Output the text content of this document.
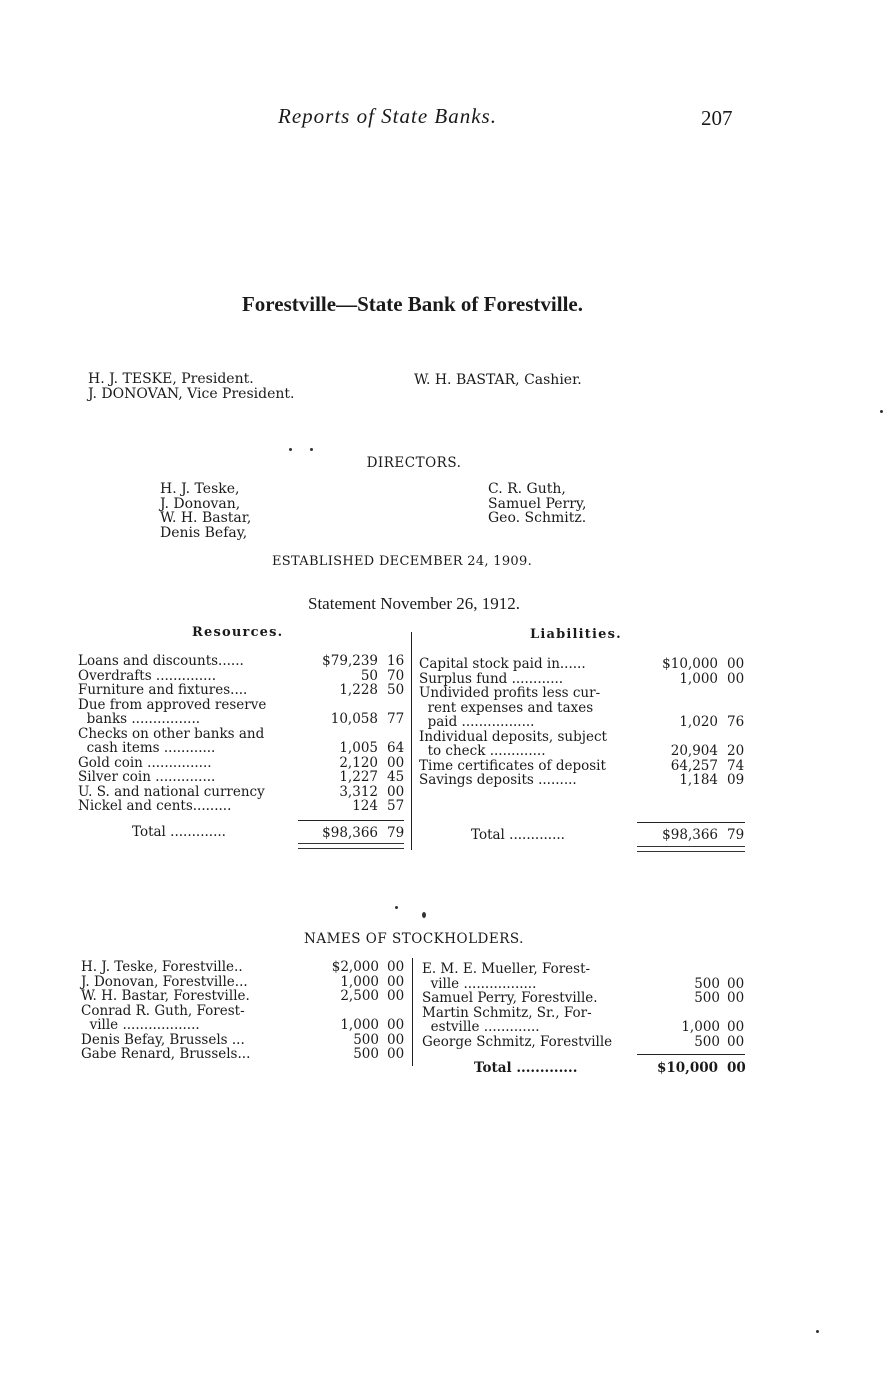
Reports of State Banks.	207
Forestville—State Bank of Forestville.
H. J. TESKE, President.
J. DONOVAN, Vice President.
W. H. BASTAR, Cashier.
DIRECTORS.
H. J. Teske,
J. Donovan,
W. H. Bastar,
Denis Befay,
C. R. Guth,
Samuel Perry,
Geo. Schmitz.
ESTABLISHED DECEMBER 24, 1909.
Statement November 26, 1912.
Resources.	Liabilities.
Loans and discounts......	$79,239 16
Overdrafts ..............	50 70
Furniture and fixtures....	1,228 50
Due from approved reserve
banks ................	10,058 77
Checks on other banks and
cash items ............	1,005 64
Gold coin ...............	2,120 00
Silver coin ..............	1,227 45
U. S. and national currency	3,312 00
Nickel and cents.........	124 57
Capital stock paid in......	$10,000 00
Surplus fund ............	1,000 00
Undivided profits less cur-
rent expenses and taxes
paid .................	1,020 76
Individual deposits, subject
to check .............	20,904 20
Time certificates of deposit	64,257 74
Savings deposits .........	1,184 09
Total .............	$98,366 79	Total .............	$98,366 79
NAMES OF STOCKHOLDERS.
H. J. Teske, Forestville..	$2,000 00
J. Donovan, Forestville...	1,000 00
W. H. Bastar, Forestville.	2,500 00
Conrad R. Guth, Forest-
ville ..................	1,000 00
Denis Befay, Brussels ...	500 00
Gabe Renard, Brussels...	500 00
E. M. E. Mueller, Forest-
ville .................	500 00
Samuel Perry, Forestville.	500 00
Martin Schmitz, Sr., For-
estville .............	1,000 00
George Schmitz, Forestville	500 00
Total .............	$10,000 00
